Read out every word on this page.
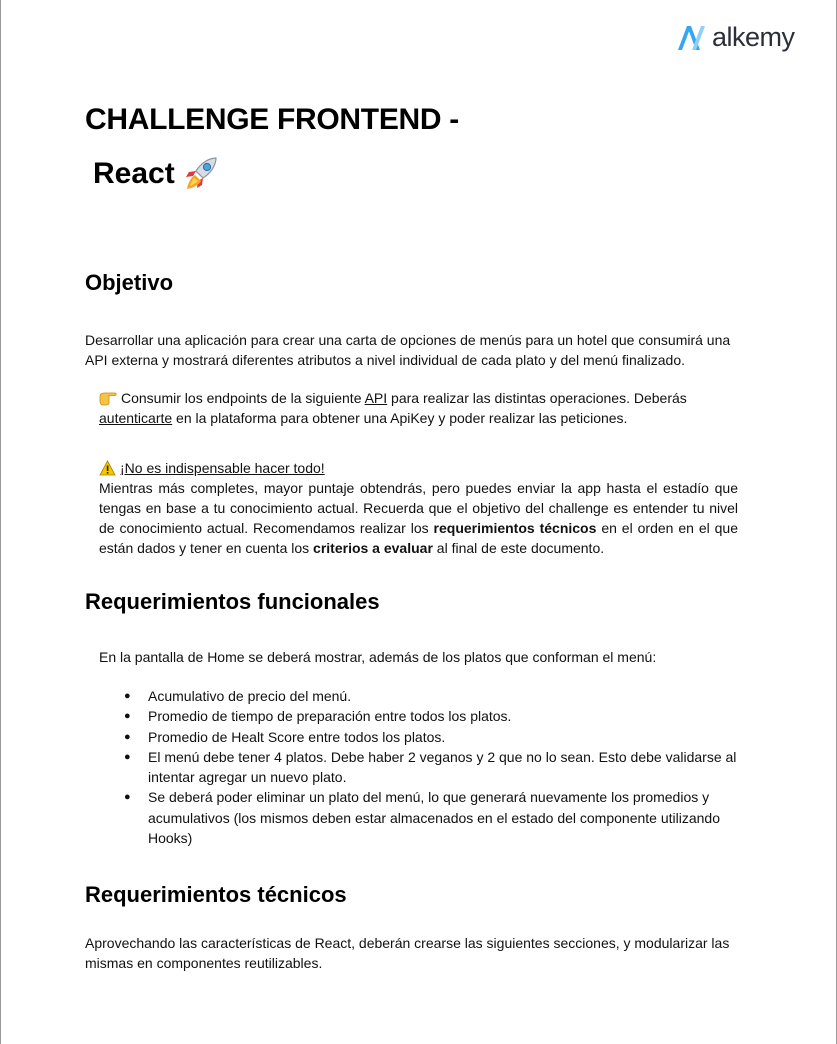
alkemy
CHALLENGE FRONTEND -
React
Objetivo

Desarrollar una aplicación para crear una carta de opciones de menús para un hotel que consumirá una API externa y mostrará diferentes atributos a nivel individual de cada plato y del menú finalizado.

Consumir los endpoints de la siguiente API para realizar las distintas operaciones. Deberás autenticarte en la plataforma para obtener una ApiKey y poder realizar las peticiones.

¡No es indispensable hacer todo!
Mientras más completes, mayor puntaje obtendrás, pero puedes enviar la app hasta el estadío que tengas en base a tu conocimiento actual. Recuerda que el objetivo del challenge es entender tu nivel de conocimiento actual. Recomendamos realizar los requerimientos técnicos en el orden en el que están dados y tener en cuenta los criterios a evaluar al final de este documento.
Requerimientos funcionales

En la pantalla de Home se deberá mostrar, además de los platos que conforman el menú:

● Acumulativo de precio del menú.
● Promedio de tiempo de preparación entre todos los platos.
● Promedio de Healt Score entre todos los platos.
● El menú debe tener 4 platos. Debe haber 2 veganos y 2 que no lo sean. Esto debe validarse al intentar agregar un nuevo plato.
● Se deberá poder eliminar un plato del menú, lo que generará nuevamente los promedios y acumulativos (los mismos deben estar almacenados en el estado del componente utilizando Hooks)
Requerimientos técnicos

Aprovechando las características de React, deberán crearse las siguientes secciones, y modularizar las mismas en componentes reutilizables.
